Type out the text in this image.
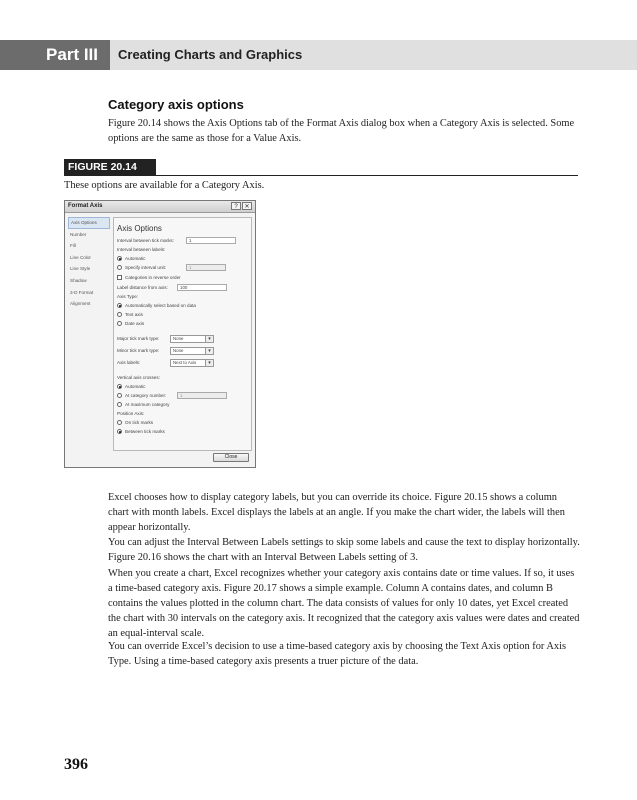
Part III	Creating Charts and Graphics
Category axis options

Figure 20.14 shows the Axis Options tab of the Format Axis dialog box when a Category Axis is selected. Some options are the same as those for a Value Axis.

FIGURE 20.14
These options are available for a Category Axis.
Format Axis	?	✕
Axis Options
Number
Fill
Line Color
Line Style
Shadow
3-D Format
Alignment
Axis Options
Interval between tick marks:	1
Interval between labels:
Automatic
Specify interval unit:	1
Categories in reverse order
Label distance from axis:	100
Axis Type:
Automatically select based on data
Text axis
Date axis
Major tick mark type:	None	▾
Minor tick mark type:	None	▾
Axis labels:	Next to Axis	▾
Vertical axis crosses:
Automatic
At category number:	1
At maximum category
Position Axis:
On tick marks
Between tick marks
Close

Excel chooses how to display category labels, but you can override its choice. Figure 20.15 shows a column chart with month labels. Excel displays the labels at an angle. If you make the chart wider, the labels will then appear horizontally.

You can adjust the Interval Between Labels settings to skip some labels and cause the text to display horizontally. Figure 20.16 shows the chart with an Interval Between Labels setting of 3.

When you create a chart, Excel recognizes whether your category axis contains date or time values. If so, it uses a time-based category axis. Figure 20.17 shows a simple example. Column A contains dates, and column B contains the values plotted in the column chart. The data consists of values for only 10 dates, yet Excel created the chart with 30 intervals on the category axis. It recognized that the category axis values were dates and created an equal-interval scale.

You can override Excel’s decision to use a time-based category axis by choosing the Text Axis option for Axis Type. Using a time-based category axis presents a truer picture of the data.

396
